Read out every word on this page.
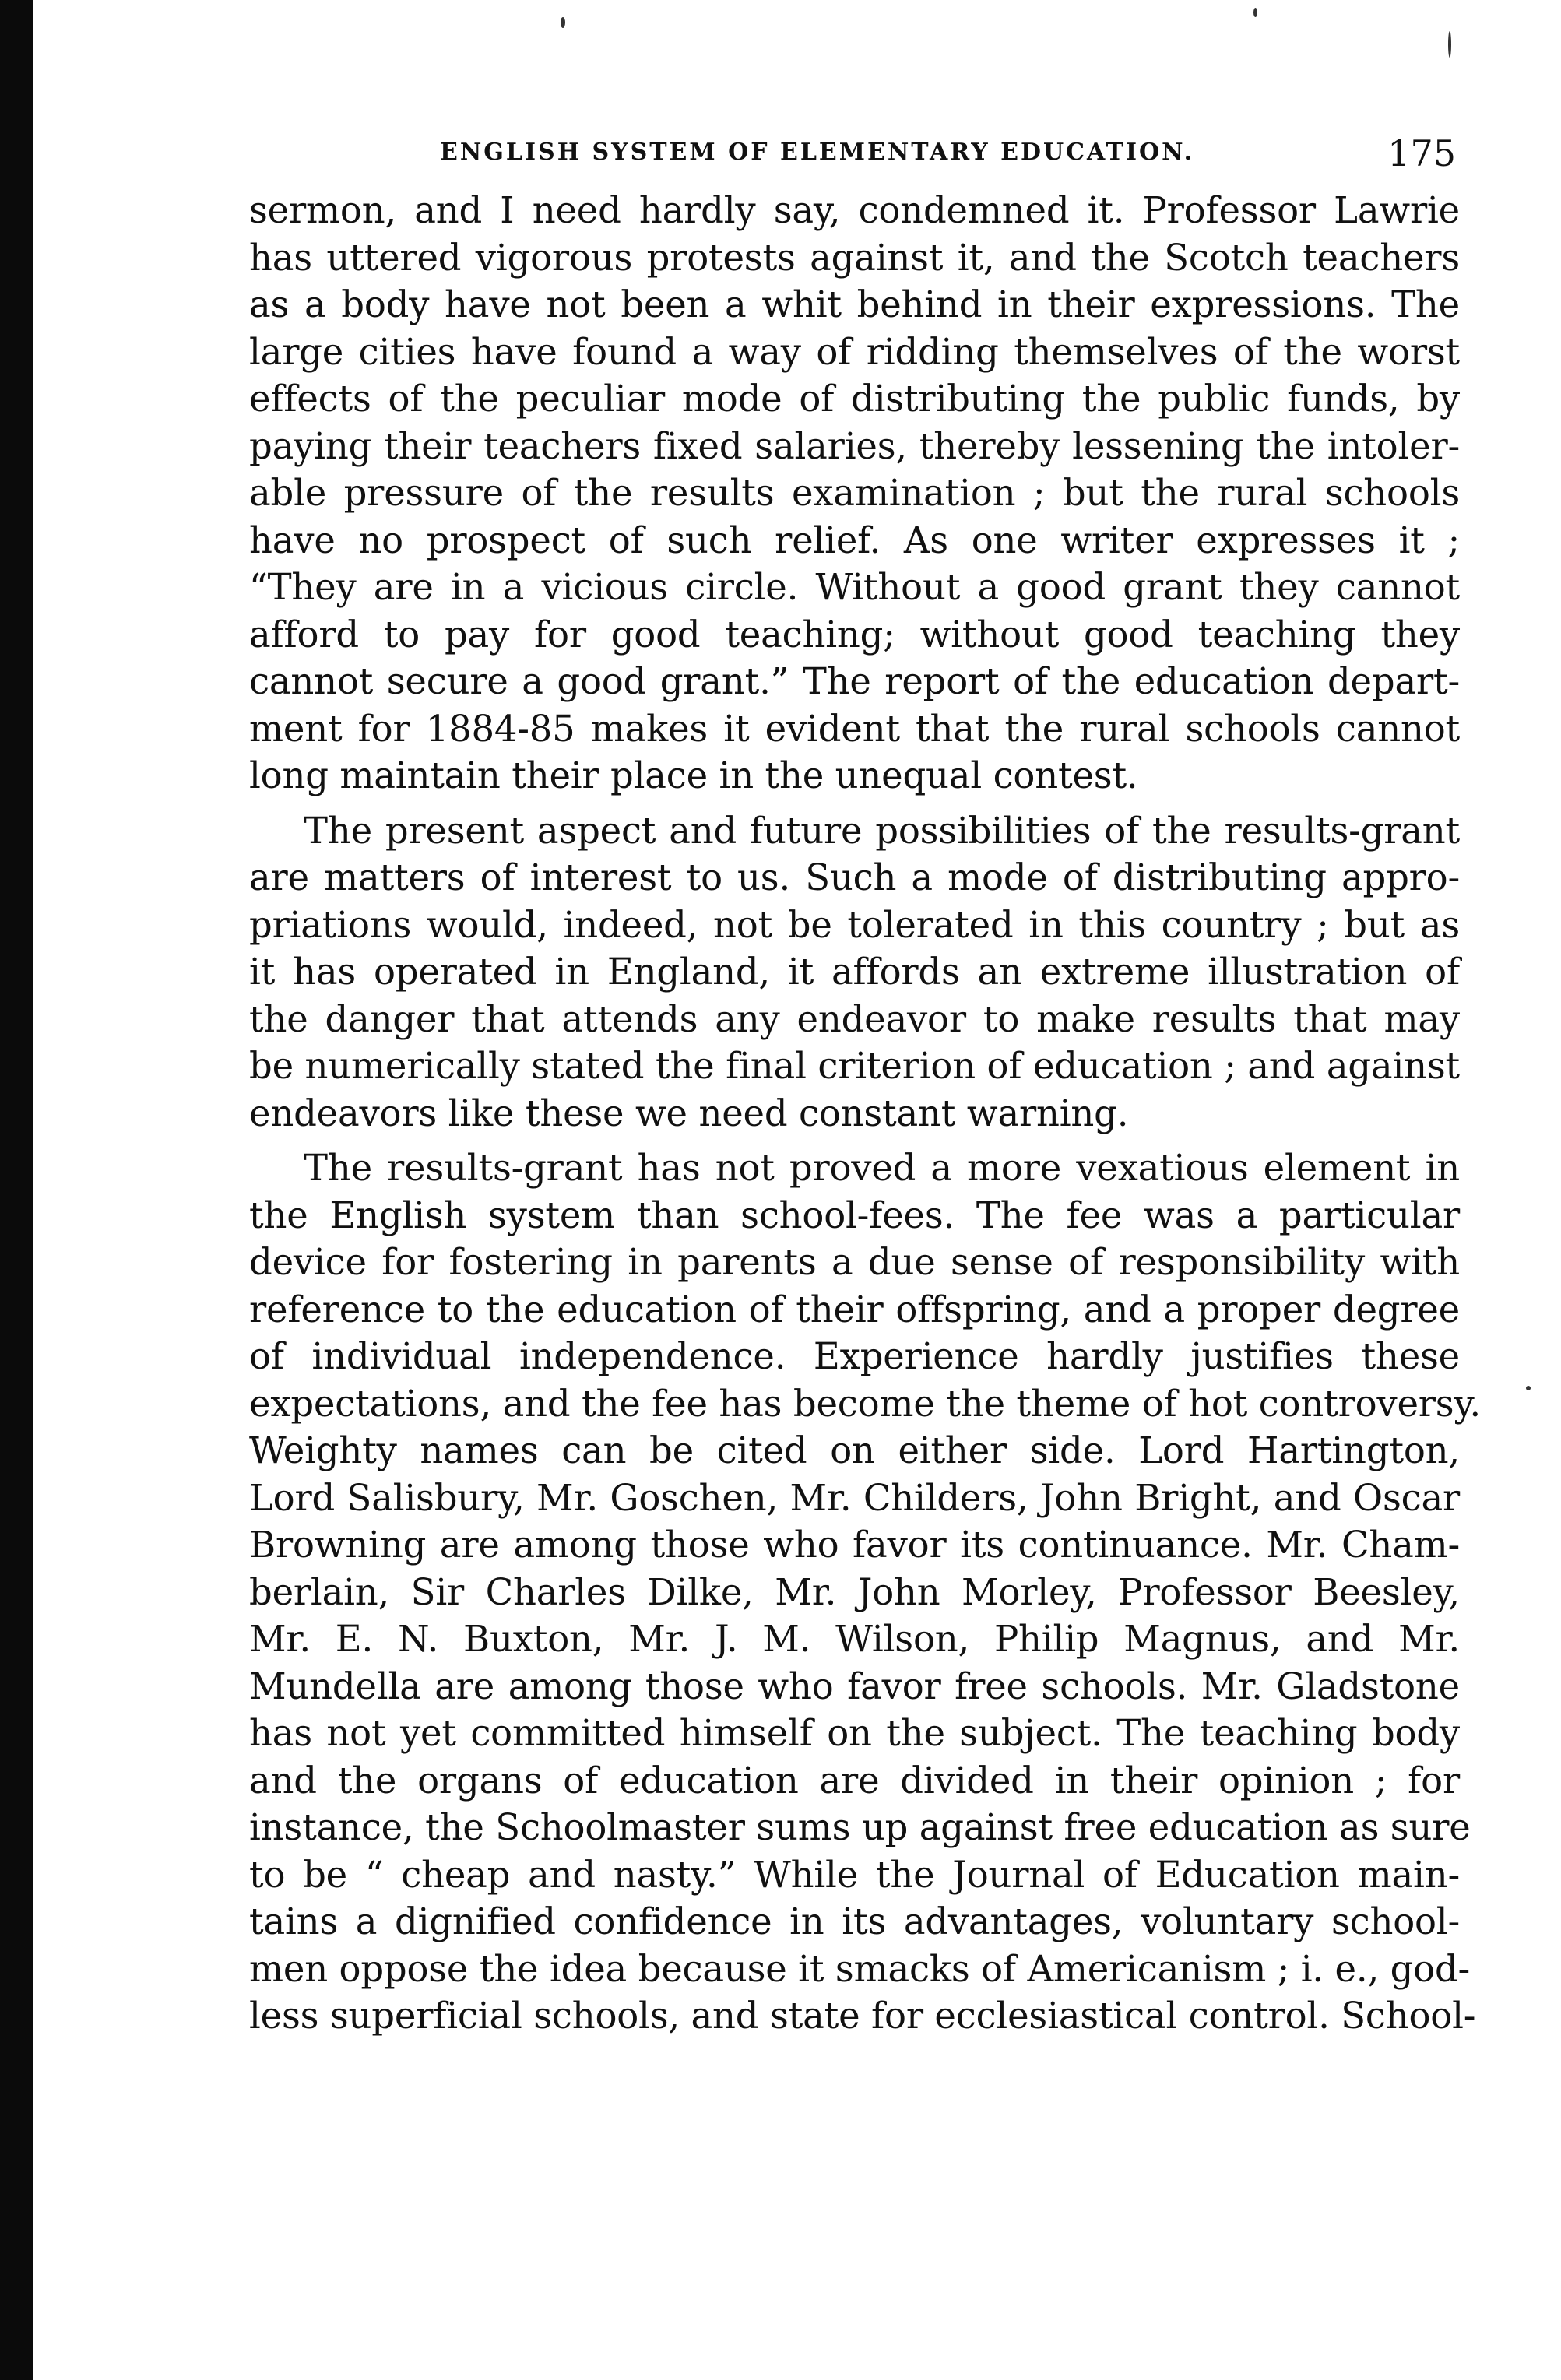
ENGLISH SYSTEM OF ELEMENTARY EDUCATION.	175

sermon, and I need hardly say, condemned it. Professor Lawrie
has uttered vigorous protests against it, and the Scotch teachers
as a body have not been a whit behind in their expressions. The
large cities have found a way of ridding themselves of the worst
effects of the peculiar mode of distributing the public funds, by
paying their teachers fixed salaries, thereby lessening the intoler-
able pressure of the results examination ; but the rural schools
have no prospect of such relief. As one writer expresses it ;
“They are in a vicious circle. Without a good grant they cannot
afford to pay for good teaching; without good teaching they
cannot secure a good grant.” The report of the education depart-
ment for 1884-85 makes it evident that the rural schools cannot
long maintain their place in the unequal contest.

The present aspect and future possibilities of the results-grant
are matters of interest to us. Such a mode of distributing appro-
priations would, indeed, not be tolerated in this country ; but as
it has operated in England, it affords an extreme illustration of
the danger that attends any endeavor to make results that may
be numerically stated the final criterion of education ; and against
endeavors like these we need constant warning.

The results-grant has not proved a more vexatious element in
the English system than school-fees. The fee was a particular
device for fostering in parents a due sense of responsibility with
reference to the education of their offspring, and a proper degree
of individual independence. Experience hardly justifies these
expectations, and the fee has become the theme of hot controversy.
Weighty names can be cited on either side. Lord Hartington,
Lord Salisbury, Mr. Goschen, Mr. Childers, John Bright, and Oscar
Browning are among those who favor its continuance. Mr. Cham-
berlain, Sir Charles Dilke, Mr. John Morley, Professor Beesley,
Mr. E. N. Buxton, Mr. J. M. Wilson, Philip Magnus, and Mr.
Mundella are among those who favor free schools. Mr. Gladstone
has not yet committed himself on the subject. The teaching body
and the organs of education are divided in their opinion ; for
instance, the Schoolmaster sums up against free education as sure
to be “ cheap and nasty.” While the Journal of Education main-
tains a dignified confidence in its advantages, voluntary school-
men oppose the idea because it smacks of Americanism ; i. e., god-
less superficial schools, and state for ecclesiastical control. School-
